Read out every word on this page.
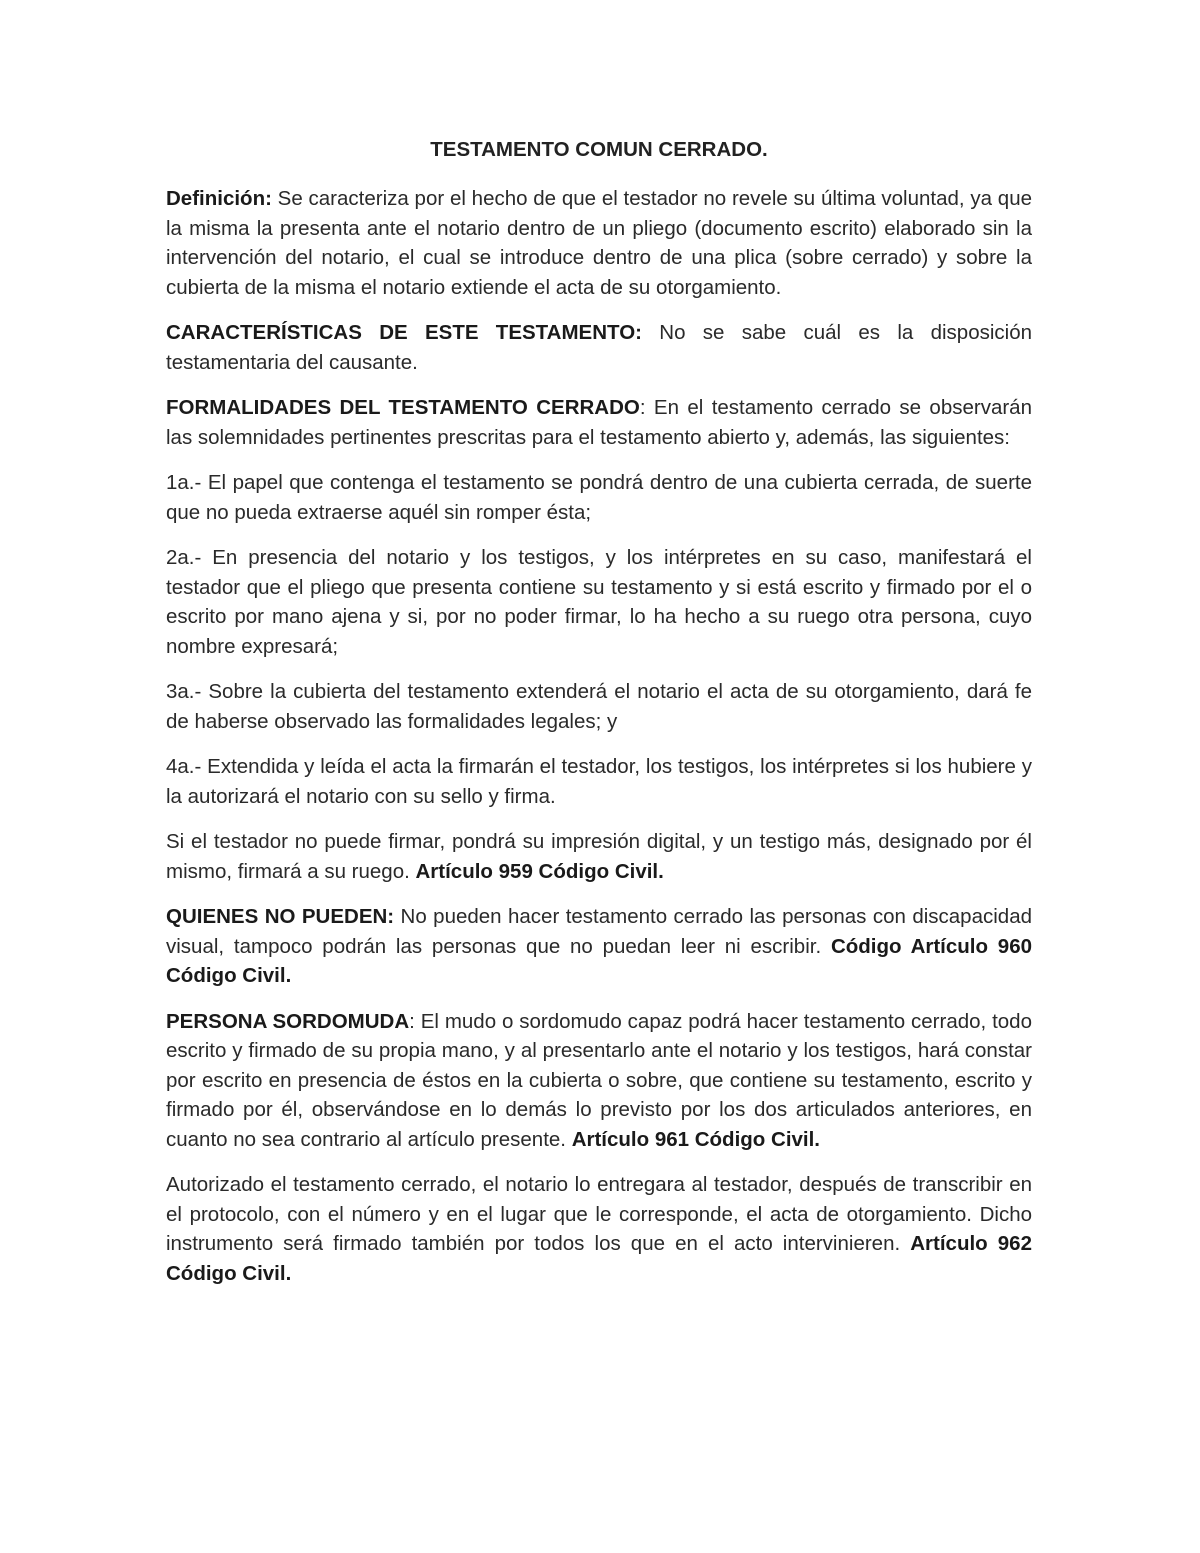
TESTAMENTO COMUN CERRADO.

Definición: Se caracteriza por el hecho de que el testador no revele su última voluntad, ya que la misma la presenta ante el notario dentro de un pliego (documento escrito) elaborado sin la intervención del notario, el cual se introduce dentro de una plica (sobre cerrado) y sobre la cubierta de la misma el notario extiende el acta de su otorgamiento.

CARACTERÍSTICAS DE ESTE TESTAMENTO: No se sabe cuál es la disposición testamentaria del causante.

FORMALIDADES DEL TESTAMENTO CERRADO: En el testamento cerrado se observarán las solemnidades pertinentes prescritas para el testamento abierto y, además, las siguientes:

1a.- El papel que contenga el testamento se pondrá dentro de una cubierta cerrada, de suerte que no pueda extraerse aquél sin romper ésta;

2a.- En presencia del notario y los testigos, y los intérpretes en su caso, manifestará el testador que el pliego que presenta contiene su testamento y si está escrito y firmado por el o escrito por mano ajena y si, por no poder firmar, lo ha hecho a su ruego otra persona, cuyo nombre expresará;

3a.- Sobre la cubierta del testamento extenderá el notario el acta de su otorgamiento, dará fe de haberse observado las formalidades legales; y

4a.- Extendida y leída el acta la firmarán el testador, los testigos, los intérpretes si los hubiere y la autorizará el notario con su sello y firma.

Si el testador no puede firmar, pondrá su impresión digital, y un testigo más, designado por él mismo, firmará a su ruego. Artículo 959 Código Civil.

QUIENES NO PUEDEN: No pueden hacer testamento cerrado las personas con discapacidad visual, tampoco podrán las personas que no puedan leer ni escribir. Código Artículo 960 Código Civil.

PERSONA SORDOMUDA: El mudo o sordomudo capaz podrá hacer testamento cerrado, todo escrito y firmado de su propia mano, y al presentarlo ante el notario y los testigos, hará constar por escrito en presencia de éstos en la cubierta o sobre, que contiene su testamento, escrito y firmado por él, observándose en lo demás lo previsto por los dos articulados anteriores, en cuanto no sea contrario al artículo presente. Artículo 961 Código Civil.

Autorizado el testamento cerrado, el notario lo entregara al testador, después de transcribir en el protocolo, con el número y en el lugar que le corresponde, el acta de otorgamiento. Dicho instrumento será firmado también por todos los que en el acto intervinieren. Artículo 962 Código Civil.
